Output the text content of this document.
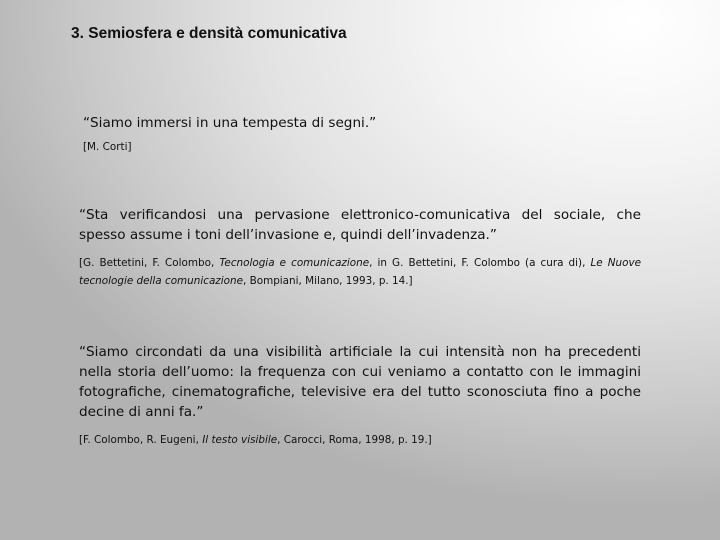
3. Semiosfera e densità comunicativa

“Siamo immersi in una tempesta di segni.”

[M. Corti]

“Sta verificandosi una pervasione elettronico-comunicativa del sociale, che spesso assume i toni dell’invasione e, quindi dell’invadenza.”

[G. Bettetini, F. Colombo, Tecnologia e comunicazione, in G. Bettetini, F. Colombo (a cura di), Le Nuove tecnologie della comunicazione, Bompiani, Milano, 1993, p. 14.]

“Siamo circondati da una visibilità artificiale la cui intensità non ha precedenti nella storia dell’uomo: la frequenza con cui veniamo a contatto con le immagini fotografiche, cinematografiche, televisive era del tutto sconosciuta fino a poche decine di anni fa.”

[F. Colombo, R. Eugeni, Il testo visibile, Carocci, Roma, 1998, p. 19.]
